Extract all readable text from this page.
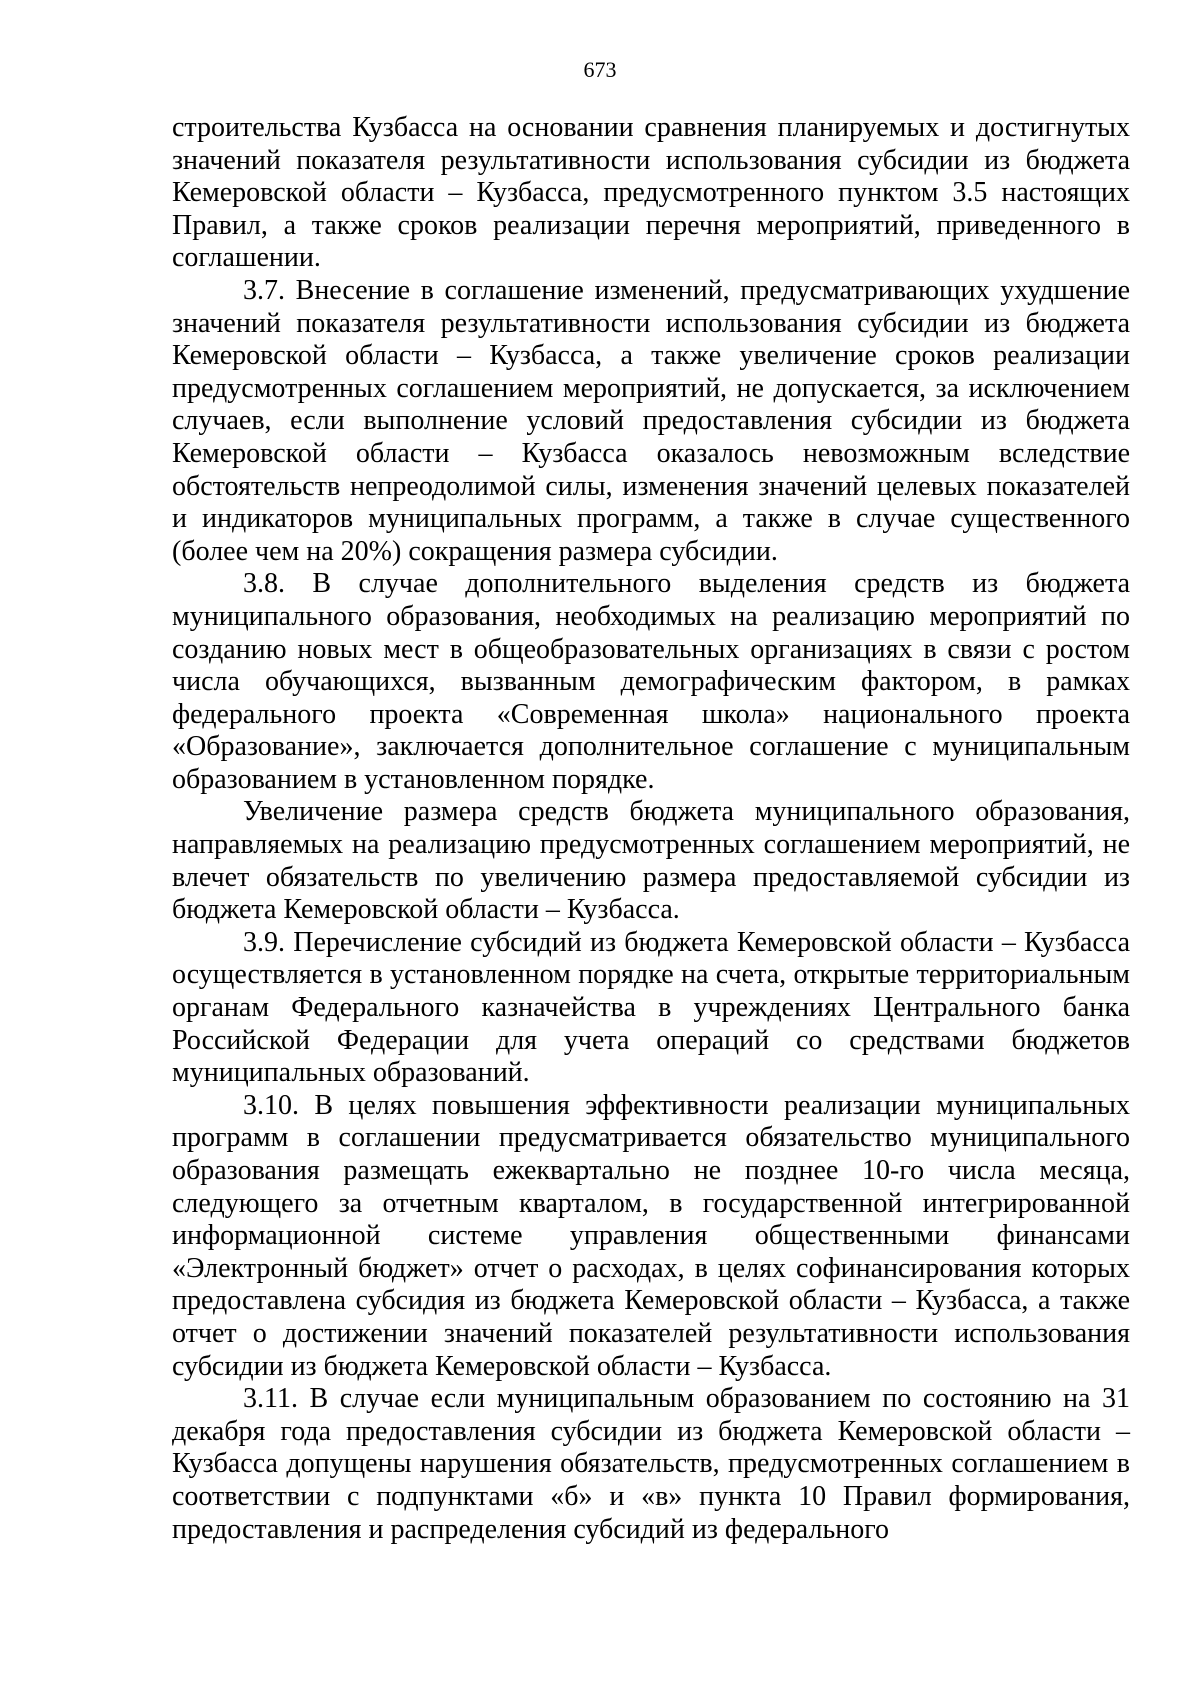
673

строительства Кузбасса на основании сравнения планируемых и достигнутых значений показателя результативности использования субсидии из бюджета Кемеровской области – Кузбасса, предусмотренного пунктом 3.5 настоящих Правил, а также сроков реализации перечня мероприятий, приведенного в соглашении.

3.7. Внесение в соглашение изменений, предусматривающих ухудшение значений показателя результативности использования субсидии из бюджета Кемеровской области – Кузбасса, а также увеличение сроков реализации предусмотренных соглашением мероприятий, не допускается, за исключением случаев, если выполнение условий предоставления субсидии из бюджета Кемеровской области – Кузбасса оказалось невозможным вследствие обстоятельств непреодолимой силы, изменения значений целевых показателей и индикаторов муниципальных программ, а также в случае существенного (более чем на 20%) сокращения размера субсидии.

3.8. В случае дополнительного выделения средств из бюджета муниципального образования, необходимых на реализацию мероприятий по созданию новых мест в общеобразовательных организациях в связи с ростом числа обучающихся, вызванным демографическим фактором, в рамках федерального проекта «Современная школа» национального проекта «Образование», заключается дополнительное соглашение с муниципальным образованием в установленном порядке.

Увеличение размера средств бюджета муниципального образования, направляемых на реализацию предусмотренных соглашением мероприятий, не влечет обязательств по увеличению размера предоставляемой субсидии из бюджета Кемеровской области – Кузбасса.

3.9. Перечисление субсидий из бюджета Кемеровской области – Кузбасса осуществляется в установленном порядке на счета, открытые территориальным органам Федерального казначейства в учреждениях Центрального банка Российской Федерации для учета операций со средствами бюджетов муниципальных образований.

3.10. В целях повышения эффективности реализации муниципальных программ в соглашении предусматривается обязательство муниципального образования размещать ежеквартально не позднее 10-го числа месяца, следующего за отчетным кварталом, в государственной интегрированной информационной системе управления общественными финансами «Электронный бюджет» отчет о расходах, в целях софинансирования которых предоставлена субсидия из бюджета Кемеровской области – Кузбасса, а также отчет о достижении значений показателей результативности использования субсидии из бюджета Кемеровской области – Кузбасса.

3.11. В случае если муниципальным образованием по состоянию на 31 декабря года предоставления субсидии из бюджета Кемеровской области – Кузбасса допущены нарушения обязательств, предусмотренных соглашением в соответствии с подпунктами «б» и «в» пункта 10 Правил формирования, предоставления и распределения субсидий из федерального
